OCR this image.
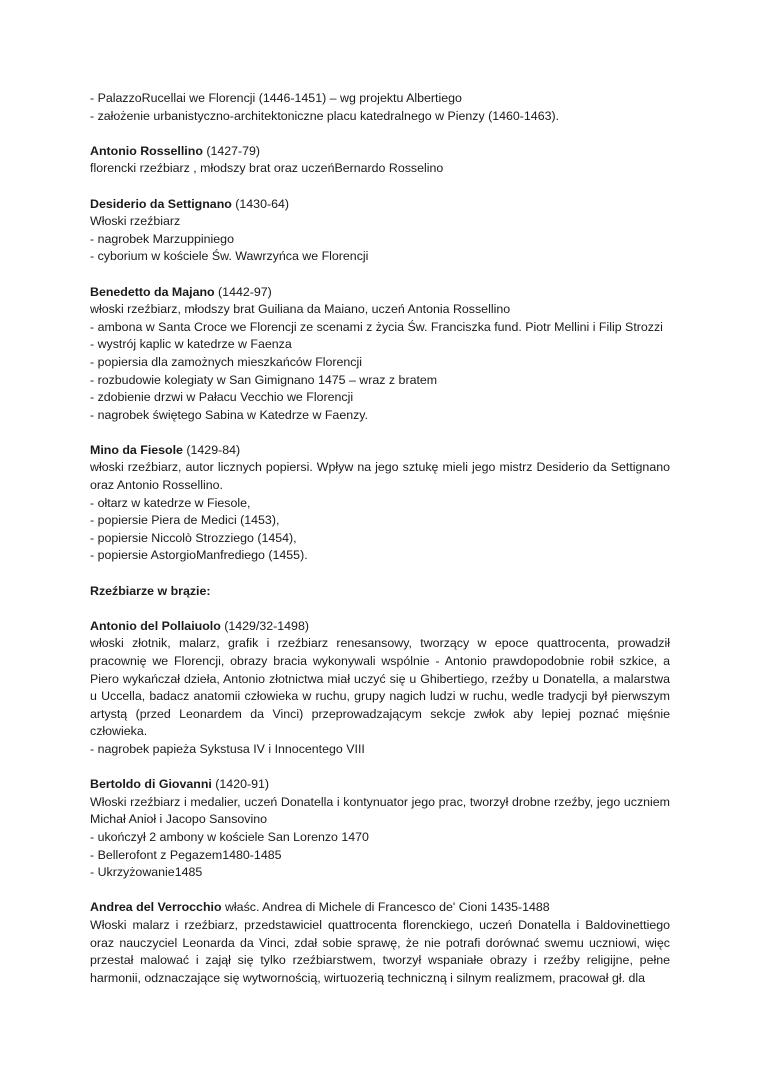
- PalazzoRucellai we Florencji (1446-1451) – wg projektu Albertiego
- założenie urbanistyczno-architektoniczne placu katedralnego w Pienzy (1460-1463).
Antonio Rossellino (1427-79)
florencki rzeźbiarz , młodszy brat oraz uczeńBernardo Rosselino
Desiderio da Settignano (1430-64)
Włoski rzeźbiarz
- nagrobek Marzuppiniego
- cyborium w kościele Św. Wawrzyńca we Florencji
Benedetto da Majano (1442-97)
włoski rzeźbiarz, młodszy brat Guiliana da Maiano, uczeń Antonia Rossellino
- ambona w Santa Croce we Florencji ze scenami z życia Św. Franciszka fund. Piotr Mellini i Filip Strozzi
- wystrój kaplic w katedrze w Faenza
- popiersia dla zamożnych mieszkańców Florencji
- rozbudowie kolegiaty w San Gimignano 1475 – wraz z bratem
- zdobienie drzwi w Pałacu Vecchio we Florencji
- nagrobek świętego Sabina w Katedrze w Faenzy.
Mino da Fiesole (1429-84)
włoski rzeźbiarz, autor licznych popiersi. Wpływ na jego sztukę mieli jego mistrz Desiderio da Settignano oraz Antonio Rossellino.
- ołtarz w katedrze w Fiesole,
- popiersie Piera de Medici (1453),
- popiersie Niccolò Strozziego (1454),
- popiersie AstorgioManfrediego (1455).
Rzeźbiarze w brązie:
Antonio del Pollaiuolo (1429/32-1498)
włoski złotnik, malarz, grafik i rzeźbiarz renesansowy, tworzący w epoce quattrocenta, prowadził pracownię we Florencji, obrazy bracia wykonywali wspólnie - Antonio prawdopodobnie robił szkice, a Piero wykańczał dzieła, Antonio złotnictwa miał uczyć się u Ghibertiego, rzeźby u Donatella, a malarstwa u Uccella, badacz anatomii człowieka w ruchu, grupy nagich ludzi w ruchu, wedle tradycji był pierwszym artystą (przed Leonardem da Vinci) przeprowadzającym sekcje zwłok aby lepiej poznać mięśnie człowieka.
- nagrobek papieża Sykstusa IV i Innocentego VIII
Bertoldo di Giovanni (1420-91)
Włoski rzeźbiarz i medalier, uczeń Donatella i kontynuator jego prac, tworzył drobne rzeźby, jego uczniem Michał Anioł i Jacopo Sansovino
- ukończył 2 ambony w kościele San Lorenzo 1470
- Bellerofont z Pegazem1480-1485
- Ukrzyżowanie1485
Andrea del Verrocchio właśc. Andrea di Michele di Francesco de' Cioni 1435-1488
Włoski malarz i rzeźbiarz, przedstawiciel quattrocenta florenckiego, uczeń Donatella i Baldovinettiego oraz nauczyciel Leonarda da Vinci, zdał sobie sprawę, że nie potrafi dorównać swemu uczniowi, więc przestał malować i zajął się tylko rzeźbiarstwem, tworzył wspaniałe obrazy i rzeźby religijne, pełne harmonii, odznaczające się wytwornością, wirtuozerią techniczną i silnym realizmem, pracował gł. dla
